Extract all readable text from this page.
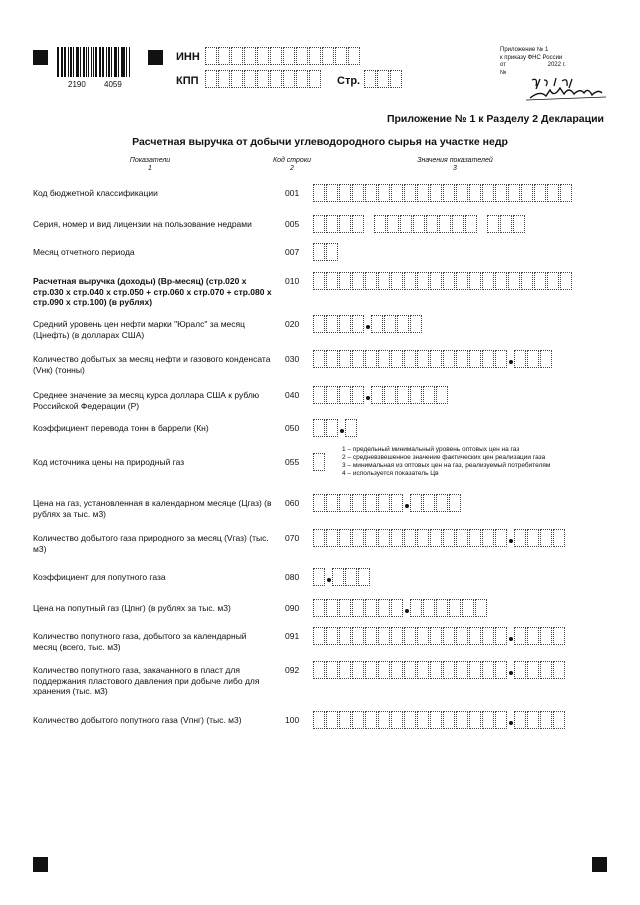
2190 4059
ИНН
КПП	Стр.
Приложение № 1
к приказу ФНС России
от	2022 г.
№
Приложение № 1 к Разделу 2 Декларации
Расчетная выручка от добычи углеводородного сырья на участке недр
Показатели
1
Код строки
2
Значения показателей
3
Код бюджетной классификации	001
Серия, номер и вид лицензии на пользование недрами	005
Месяц отчетного периода	007
Расчетная выручка (доходы) (Вр-месяц) (стр.020 х стр.030 х стр.040 х стр.050 + стр.060 х стр.070 + стр.080 х стр.090 х стр.100) (в рублях)
010
Средний уровень цен нефти марки "Юралс" за месяц (Цнефть) (в долларах США)
020
Количество добытых за месяц нефти и газового конденсата (Vнк) (тонны)
030
Среднее значение за месяц курса доллара США к рублю Российской Федерации (Р)
040
Коэффициент перевода тонн в баррели (Кн)	050
Код источника цены на природный газ	055
Цена на газ, установленная в календарном месяце (Цгаз) (в рублях за тыс. м3)
060
Количество добытого газа природного за месяц (Vгаз) (тыс. м3)
070
Коэффициент для попутного газа	080
Цена на попутный газ (Цпнг) (в рублях за тыс. м3)	090
Количество попутного газа, добытого за календарный месяц (всего, тыс. м3)
091
Количество попутного газа, закачанного в пласт для поддержания пластового давления при добыче либо для хранения (тыс. м3)
092
Количество добытого попутного газа (Vпнг) (тыс. м3)	100
1 – предельный минимальный уровень оптовых цен на газ
2 – средневзвешенное значение фактических цен реализации газа
3 – минимальная из оптовых цен на газ, реализуемый потребителям
4 – используется показатель Цв
